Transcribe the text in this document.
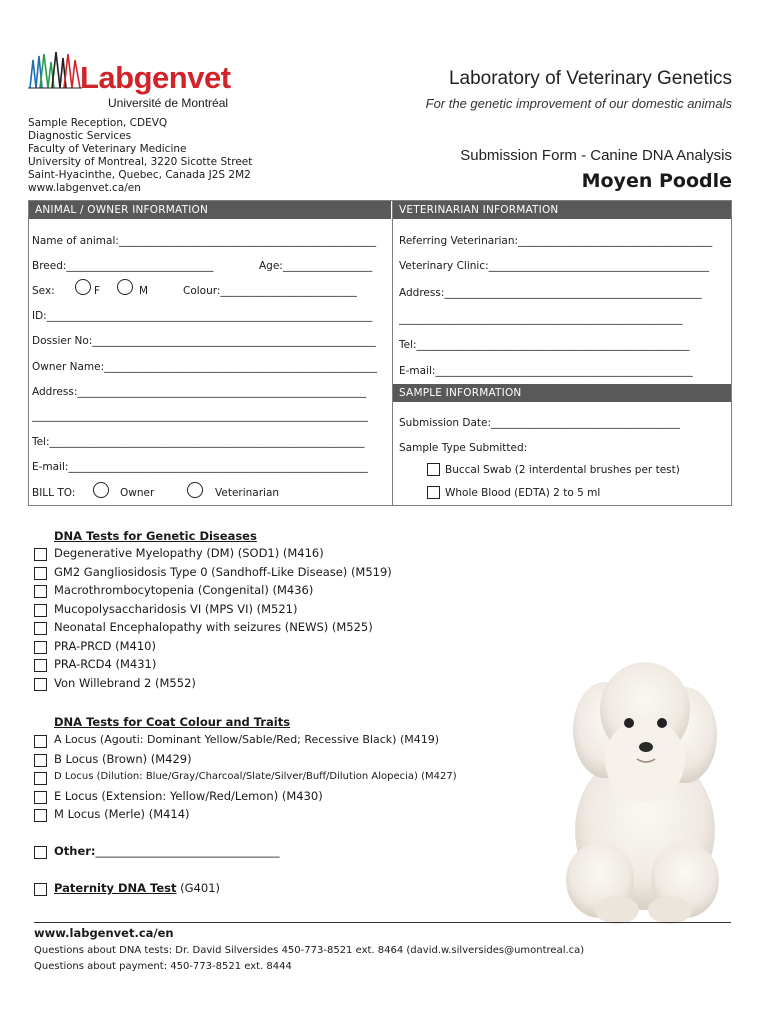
Labgenvet
Université de Montréal
Laboratory of Veterinary Genetics
For the genetic improvement of our domestic animals
Sample Reception, CDEVQ
Diagnostic Services
Faculty of Veterinary Medicine
University of Montreal, 3220 Sicotte Street
Saint-Hyacinthe, Quebec, Canada J2S 2M2
www.labgenvet.ca/en
Submission Form - Canine DNA Analysis
Moyen Poodle
ANIMAL / OWNER INFORMATION
Name of animal:_________________________________________________
Breed:____________________________	Age:_________________
Sex:	F	M	Colour:__________________________
ID:______________________________________________________________
Dossier No:______________________________________________________
Owner Name:____________________________________________________
Address:_______________________________________________________
________________________________________________________________
Tel:____________________________________________________________
E-mail:_________________________________________________________
BILL TO:	Owner	Veterinarian
VETERINARIAN INFORMATION
Referring Veterinarian:_____________________________________
Veterinary Clinic:__________________________________________
Address:_________________________________________________
______________________________________________________
Tel:____________________________________________________
E-mail:_________________________________________________
SAMPLE INFORMATION
Submission Date:____________________________________
Sample Type Submitted:
Buccal Swab (2 interdental brushes per test)
Whole Blood (EDTA) 2 to 5 ml
DNA Tests for Genetic Diseases
Degenerative Myelopathy (DM) (SOD1) (M416)
GM2 Gangliosidosis Type 0 (Sandhoff-Like Disease) (M519)
Macrothrombocytopenia (Congenital) (M436)
Mucopolysaccharidosis VI (MPS VI) (M521)
Neonatal Encephalopathy with seizures (NEWS) (M525)
PRA-PRCD (M410)
PRA-RCD4 (M431)
Von Willebrand 2 (M552)
DNA Tests for Coat Colour and Traits
A Locus (Agouti: Dominant Yellow/Sable/Red; Recessive Black) (M419)
B Locus (Brown) (M429)
D Locus (Dilution: Blue/Gray/Charcoal/Slate/Silver/Buff/Dilution Alopecia) (M427)
E Locus (Extension: Yellow/Red/Lemon) (M430)
M Locus (Merle) (M414)
Other:________________________________
Paternity DNA Test (G401)
www.labgenvet.ca/en
Questions about DNA tests: Dr. David Silversides 450-773-8521 ext. 8464 (david.w.silversides@umontreal.ca)
Questions about payment: 450-773-8521 ext. 8444
